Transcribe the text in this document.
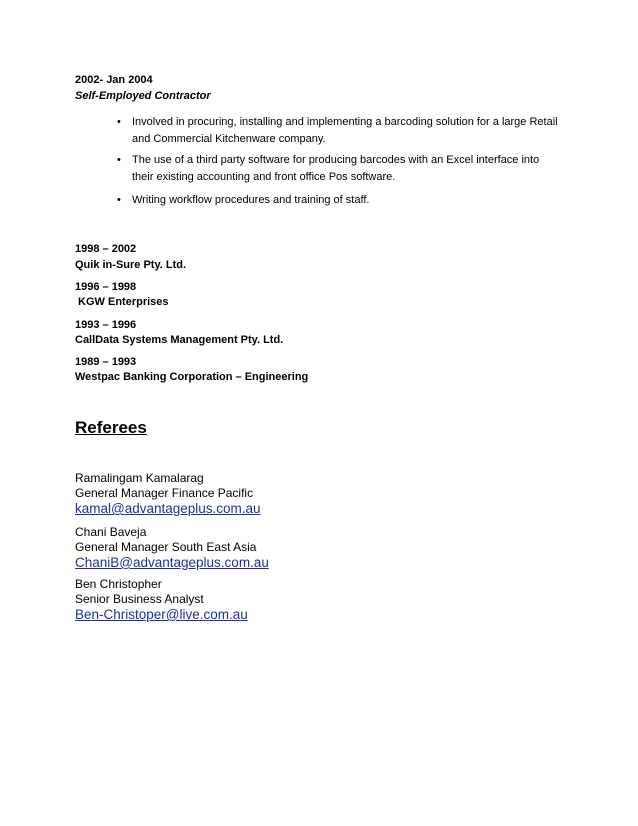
2002- Jan 2004
Self-Employed Contractor
• Involved in procuring, installing and implementing a barcoding solution for a large Retail and Commercial Kitchenware company.
• The use of a third party software for producing barcodes with an Excel interface into their existing accounting and front office Pos software.
• Writing workflow procedures and training of staff.
1998 – 2002
Quik in-Sure Pty. Ltd.
1996 – 1998
KGW Enterprises
1993 – 1996
CallData Systems Management Pty. Ltd.
1989 – 1993
Westpac Banking Corporation – Engineering
Referees
Ramalingam Kamalarag
General Manager Finance Pacific
kamal@advantageplus.com.au
Chani Baveja
General Manager South East Asia
ChaniB@advantageplus.com.au
Ben Christopher
Senior Business Analyst
Ben-Christoper@live.com.au
